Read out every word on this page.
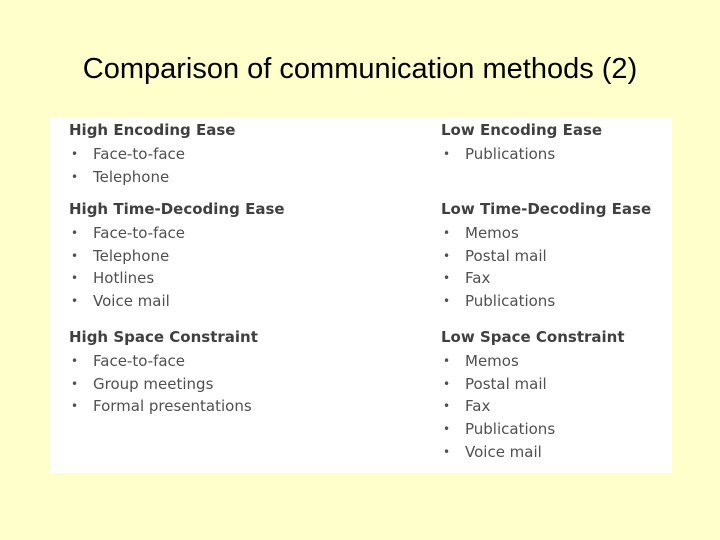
Comparison of communication methods (2)
High Encoding Ease
• Face-to-face
• Telephone
High Time-Decoding Ease
• Face-to-face
• Telephone
• Hotlines
• Voice mail
High Space Constraint
• Face-to-face
• Group meetings
• Formal presentations
Low Encoding Ease
• Publications
Low Time-Decoding Ease
• Memos
• Postal mail
• Fax
• Publications
Low Space Constraint
• Memos
• Postal mail
• Fax
• Publications
• Voice mail
